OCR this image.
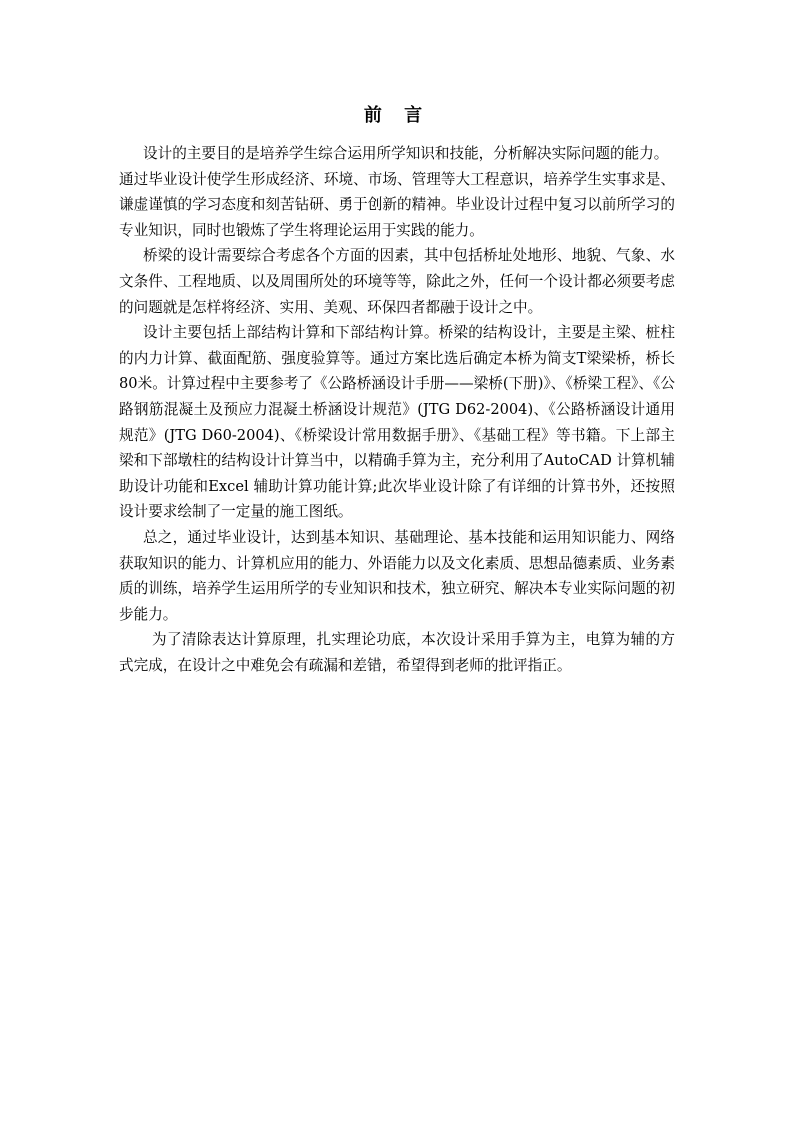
前 言

设计的主要目的是培养学生综合运用所学知识和技能，分析解决实际问题的能力。

通过毕业设计使学生形成经济、环境、市场、管理等大工程意识，培养学生实事求是、谦虚谨慎的学习态度和刻苦钻研、勇于创新的精神。毕业设计过程中复习以前所学习的专业知识，同时也锻炼了学生将理论运用于实践的能力。

桥梁的设计需要综合考虑各个方面的因素，其中包括桥址处地形、地貌、气象、水文条件、工程地质、以及周围所处的环境等等，除此之外，任何一个设计都必须要考虑的问题就是怎样将经济、实用、美观、环保四者都融于设计之中。

设计主要包括上部结构计算和下部结构计算。桥梁的结构设计，主要是主梁、桩柱的内力计算、截面配筋、强度验算等。通过方案比选后确定本桥为简支T梁梁桥，桥长80米。计算过程中主要参考了《公路桥涵设计手册——梁桥(下册)》、《桥梁工程》、《公路钢筋混凝土及预应力混凝土桥涵设计规范》(JTG D62-2004)、《公路桥涵设计通用规范》(JTG D60-2004)、《桥梁设计常用数据手册》、《基础工程》等书籍。下上部主梁和下部墩柱的结构设计计算当中，以精确手算为主，充分利用了AutoCAD 计算机辅助设计功能和Excel 辅助计算功能计算;此次毕业设计除了有详细的计算书外，还按照设计要求绘制了一定量的施工图纸。

总之，通过毕业设计，达到基本知识、基础理论、基本技能和运用知识能力、网络获取知识的能力、计算机应用的能力、外语能力以及文化素质、思想品德素质、业务素质的训练，培养学生运用所学的专业知识和技术，独立研究、解决本专业实际问题的初步能力。

为了清除表达计算原理，扎实理论功底，本次设计采用手算为主，电算为辅的方式完成，在设计之中难免会有疏漏和差错，希望得到老师的批评指正。
